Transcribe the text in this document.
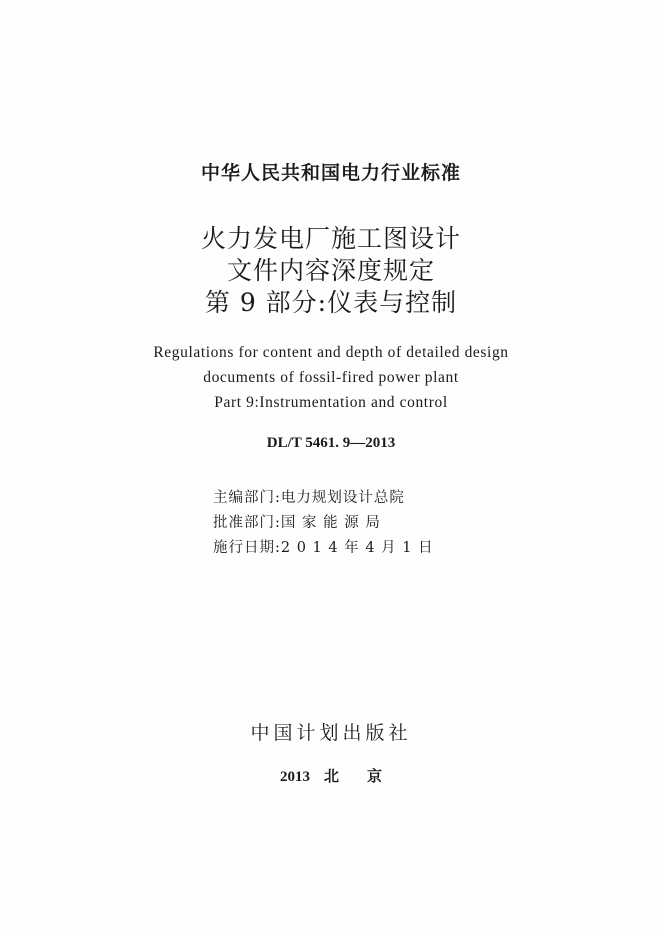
中华人民共和国电力行业标准
火力发电厂施工图设计
文件内容深度规定
第 9 部分:仪表与控制
Regulations for content and depth of detailed design
documents of fossil-fired power plant
Part 9:Instrumentation and control
DL/T 5461. 9—2013
主编部门:电力规划设计总院
批准部门:国 家 能 源 局
施行日期:2 0 1 4 年 4 月 1 日
中国计划出版社
2013 北 京
